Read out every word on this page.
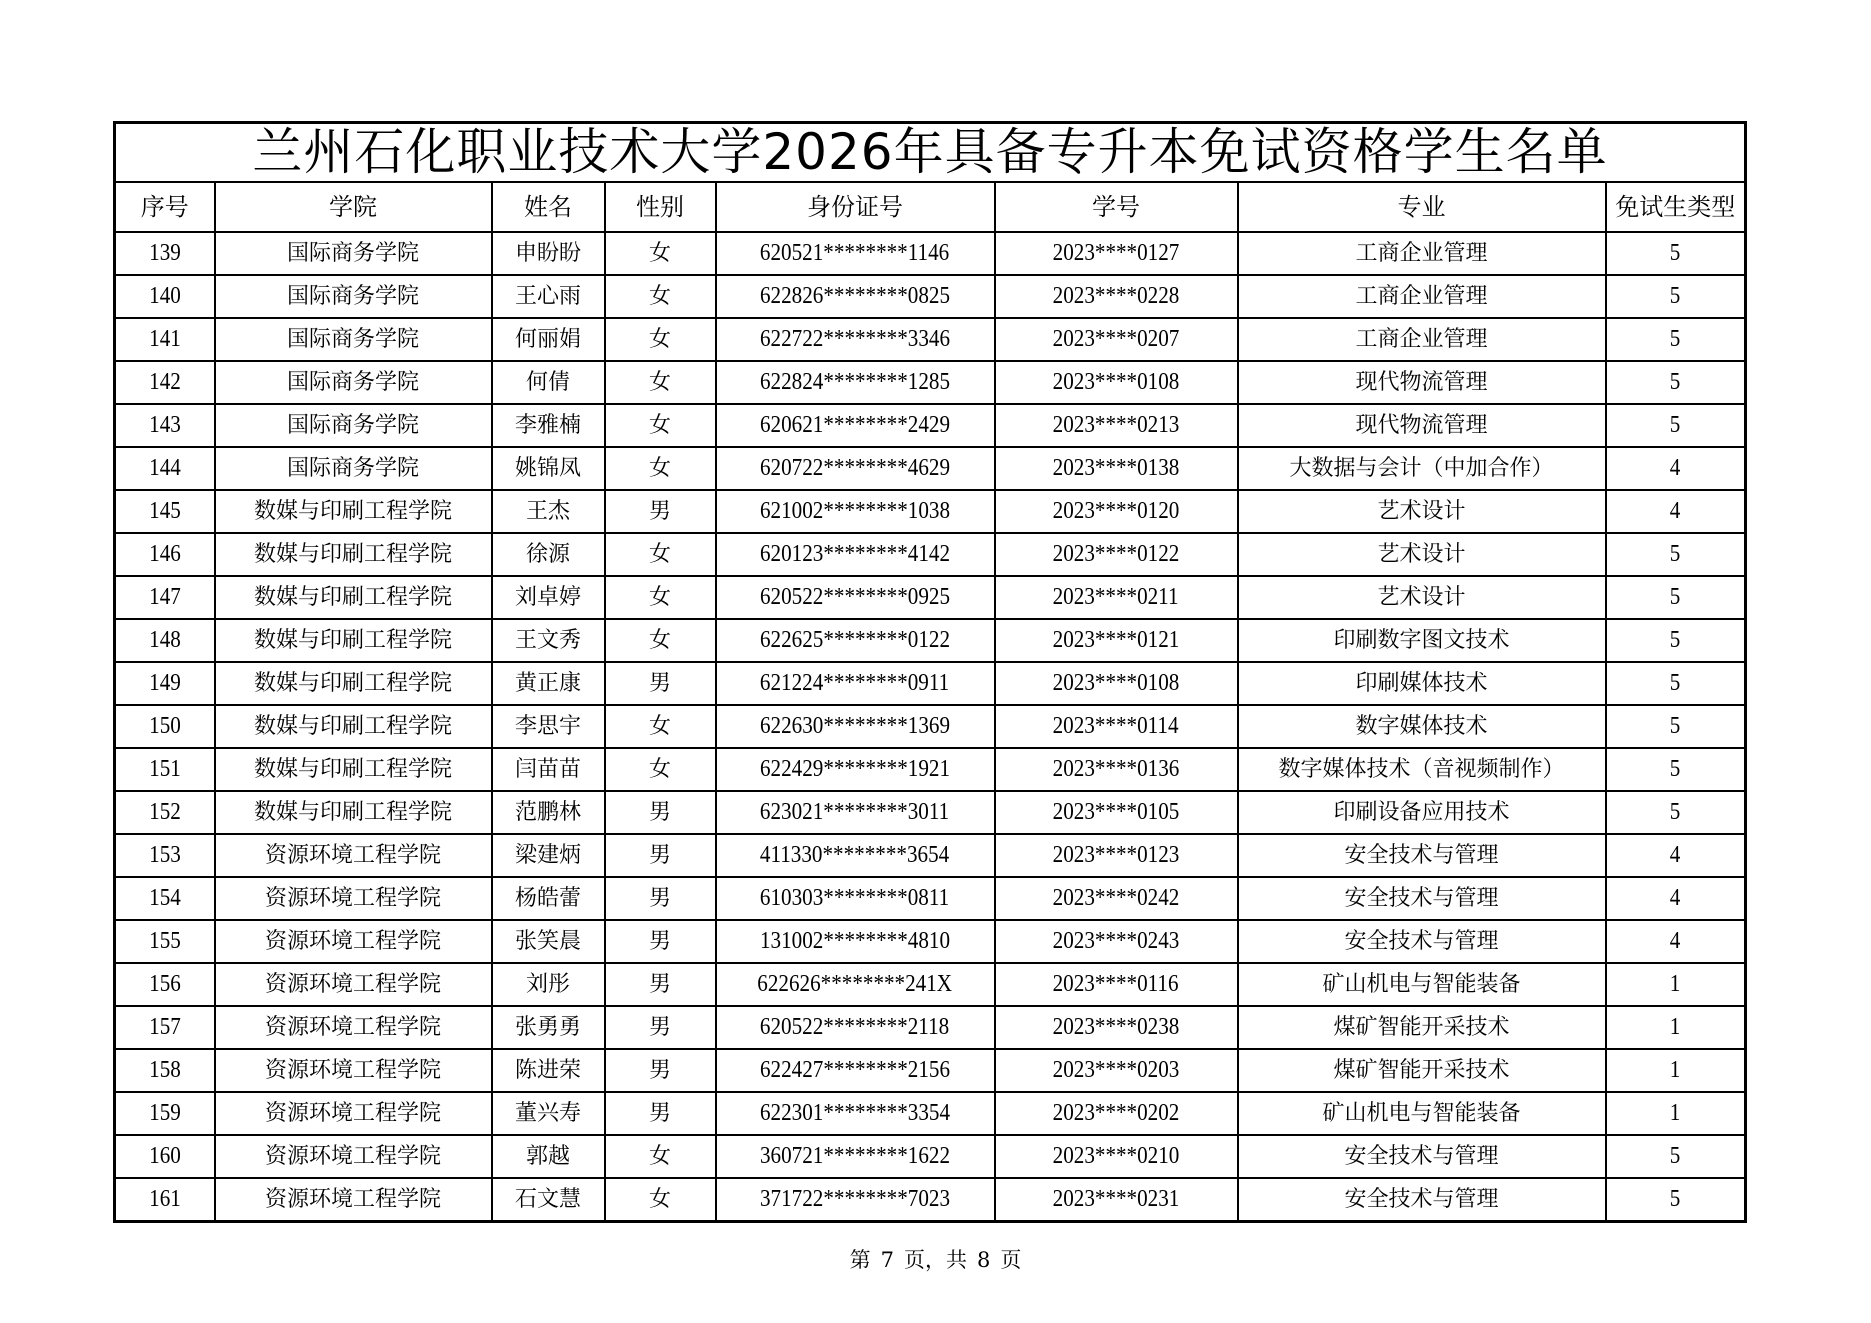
兰州石化职业技术大学2026年具备专升本免试资格学生名单							
序号	学院	姓名	性别	身份证号	学号	专业	免试生类型
139	国际商务学院	申盼盼	女	620521********1146	2023****0127	工商企业管理	5
140	国际商务学院	王心雨	女	622826********0825	2023****0228	工商企业管理	5
141	国际商务学院	何丽娟	女	622722********3346	2023****0207	工商企业管理	5
142	国际商务学院	何倩	女	622824********1285	2023****0108	现代物流管理	5
143	国际商务学院	李雅楠	女	620621********2429	2023****0213	现代物流管理	5
144	国际商务学院	姚锦凤	女	620722********4629	2023****0138	大数据与会计（中加合作）	4
145	数媒与印刷工程学院	王杰	男	621002********1038	2023****0120	艺术设计	4
146	数媒与印刷工程学院	徐源	女	620123********4142	2023****0122	艺术设计	5
147	数媒与印刷工程学院	刘卓婷	女	620522********0925	2023****0211	艺术设计	5
148	数媒与印刷工程学院	王文秀	女	622625********0122	2023****0121	印刷数字图文技术	5
149	数媒与印刷工程学院	黄正康	男	621224********0911	2023****0108	印刷媒体技术	5
150	数媒与印刷工程学院	李思宇	女	622630********1369	2023****0114	数字媒体技术	5
151	数媒与印刷工程学院	闫苗苗	女	622429********1921	2023****0136	数字媒体技术（音视频制作）	5
152	数媒与印刷工程学院	范鹏林	男	623021********3011	2023****0105	印刷设备应用技术	5
153	资源环境工程学院	梁建炳	男	411330********3654	2023****0123	安全技术与管理	4
154	资源环境工程学院	杨皓蕾	男	610303********0811	2023****0242	安全技术与管理	4
155	资源环境工程学院	张笑晨	男	131002********4810	2023****0243	安全技术与管理	4
156	资源环境工程学院	刘彤	男	622626********241X	2023****0116	矿山机电与智能装备	1
157	资源环境工程学院	张勇勇	男	620522********2118	2023****0238	煤矿智能开采技术	1
158	资源环境工程学院	陈进荣	男	622427********2156	2023****0203	煤矿智能开采技术	1
159	资源环境工程学院	董兴寿	男	622301********3354	2023****0202	矿山机电与智能装备	1
160	资源环境工程学院	郭越	女	360721********1622	2023****0210	安全技术与管理	5
161	资源环境工程学院	石文慧	女	371722********7023	2023****0231	安全技术与管理	5
第 7 页，共 8 页
